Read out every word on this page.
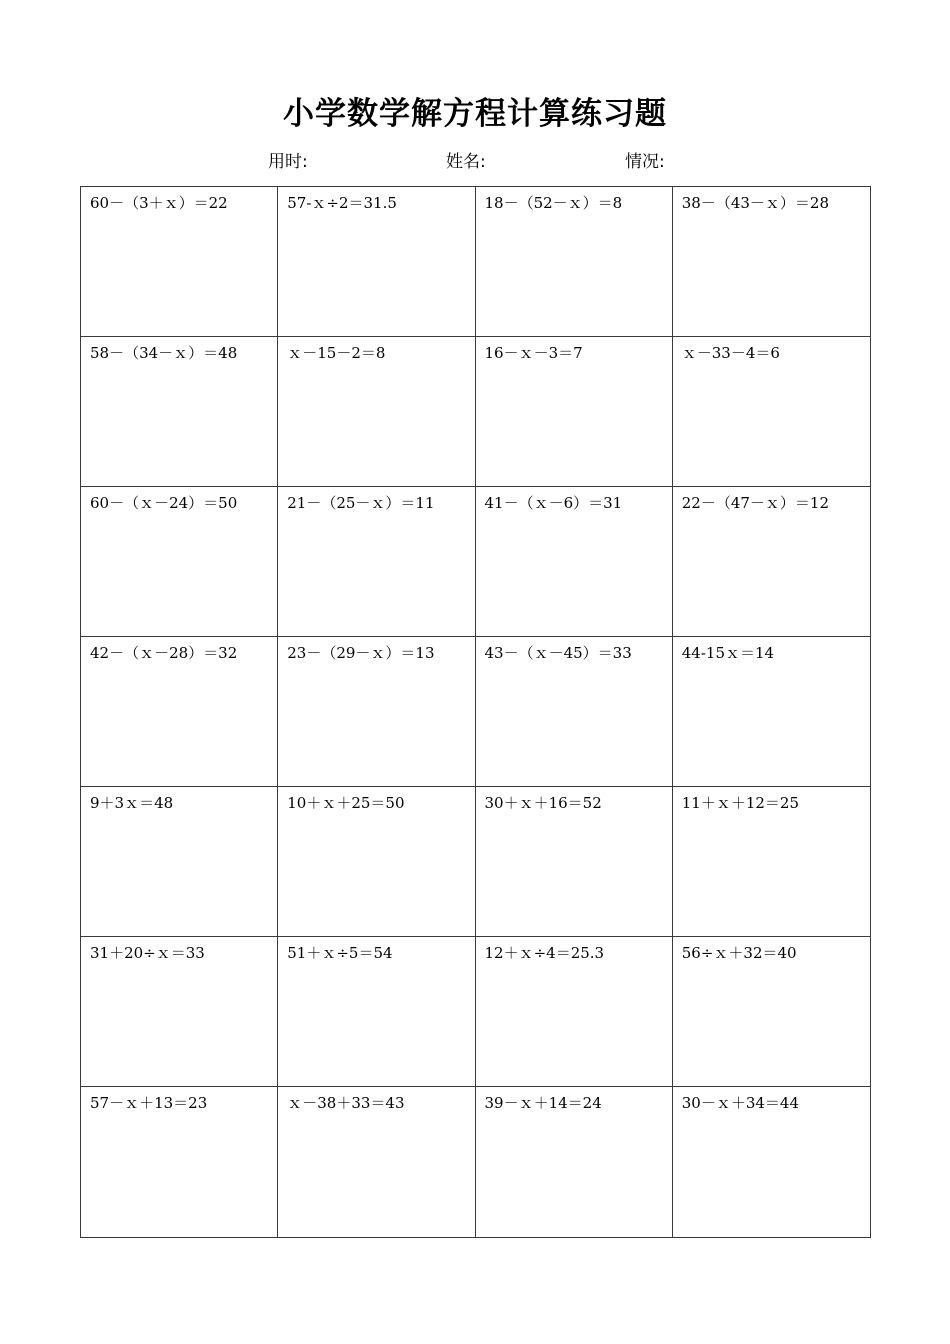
小学数学解方程计算练习题
用时:	姓名:	情况:
60－（3＋ｘ）＝22	57-ｘ÷2＝31.5	18－（52－ｘ）＝8	38－（43－ｘ）＝28
58－（34－ｘ）＝48	ｘ－15－2＝8	16－ｘ－3＝7	ｘ－33－4＝6
60－（ｘ－24）＝50	21－（25－ｘ）＝11	41－（ｘ－6）＝31	22－（47－ｘ）＝12
42－（ｘ－28）＝32	23－（29－ｘ）＝13	43－（ｘ－45）＝33	44-15ｘ＝14
9＋3ｘ＝48	10＋ｘ＋25＝50	30＋ｘ＋16＝52	11＋ｘ＋12＝25
31＋20÷ｘ＝33	51＋ｘ÷5＝54	12＋ｘ÷4＝25.3	56÷ｘ＋32＝40
57－ｘ＋13＝23	ｘ－38＋33＝43	39－ｘ＋14＝24	30－ｘ＋34＝44
